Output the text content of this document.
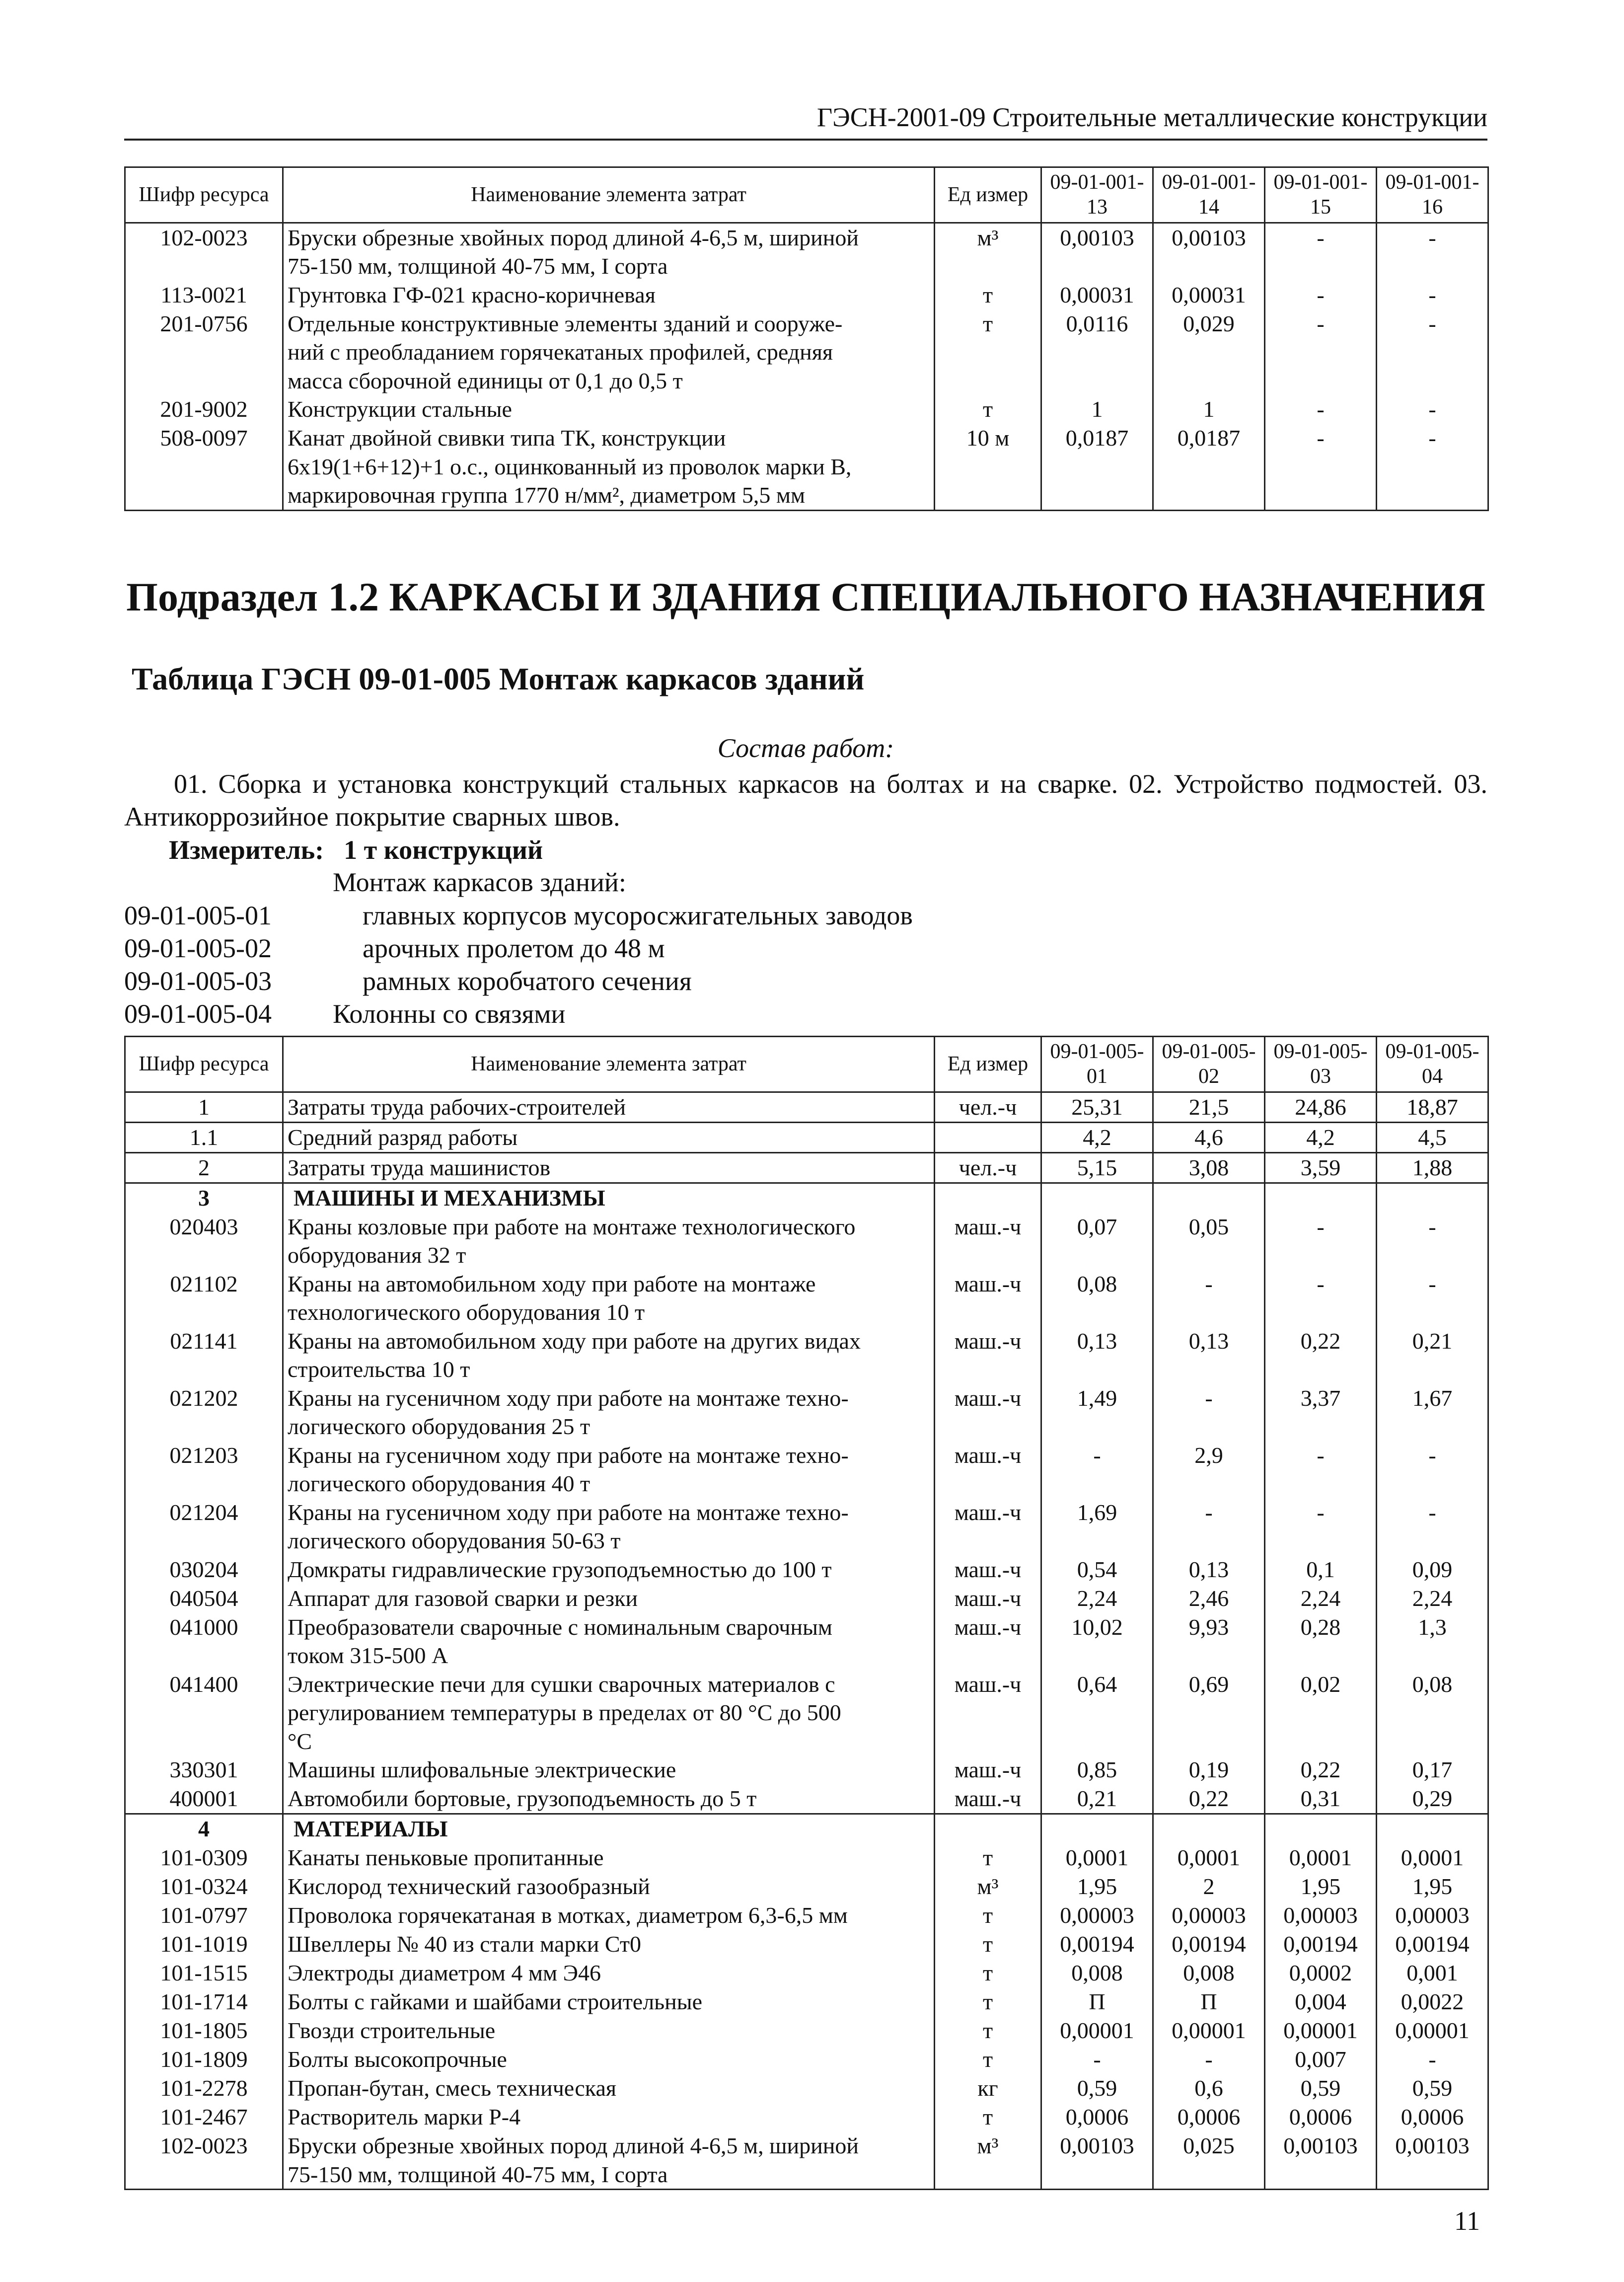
ГЭСН-2001-09 Строительные металлические конструкции
Шифр ресурса	Наименование элемента затрат	Ед измер	09-01-001-13	09-01-001-14	09-01-001-15	09-01-001-16
102-0023	Бруски обрезные хвойных пород длиной 4-6,5 м, шириной
75-150 мм, толщиной 40-75 мм, I сорта	м³	0,00103	0,00103	-	-
113-0021	Грунтовка ГФ-021 красно-коричневая	т	0,00031	0,00031	-	-
201-0756	Отдельные конструктивные элементы зданий и сооруже-
ний с преобладанием горячекатаных профилей, средняя
масса сборочной единицы от 0,1 до 0,5 т	т	0,0116	0,029	-	-
201-9002	Конструкции стальные	т	1	1	-	-
508-0097	Канат двойной свивки типа ТК, конструкции
6х19(1+6+12)+1 о.с., оцинкованный из проволок марки В,
маркировочная группа 1770 н/мм², диаметром 5,5 мм	10 м	0,0187	0,0187	-	-
Подраздел 1.2 КАРКАСЫ И ЗДАНИЯ СПЕЦИАЛЬНОГО НАЗНАЧЕНИЯ
Таблица ГЭСН 09-01-005 Монтаж каркасов зданий
Состав работ:
01. Сборка и установка конструкций стальных каркасов на болтах и на сварке. 02. Устройство подмостей. 03. Антикоррозийное покрытие сварных швов.
Измеритель: 1 т конструкций
Монтаж каркасов зданий:
09-01-005-01	главных корпусов мусоросжигательных заводов
09-01-005-02	арочных пролетом до 48 м
09-01-005-03	рамных коробчатого сечения
09-01-005-04 Колонны со связями
Шифр ресурса	Наименование элемента затрат	Ед измер	09-01-005-01	09-01-005-02	09-01-005-03	09-01-005-04
1	Затраты труда рабочих-строителей	чел.-ч	25,31	21,5	24,86	18,87
1.1	Средний разряд работы		4,2	4,6	4,2	4,5
2	Затраты труда машинистов	чел.-ч	5,15	3,08	3,59	1,88
3	МАШИНЫ И МЕХАНИЗМЫ					

020403	Краны козловые при работе на монтаже технологического
оборудования 32 т	маш.-ч	0,07	0,05	-	-
021102	Краны на автомобильном ходу при работе на монтаже
технологического оборудования 10 т	маш.-ч	0,08	-	-	-
021141	Краны на автомобильном ходу при работе на других видах
строительства 10 т	маш.-ч	0,13	0,13	0,22	0,21
021202	Краны на гусеничном ходу при работе на монтаже техно-
логического оборудования 25 т	маш.-ч	1,49	-	3,37	1,67
021203	Краны на гусеничном ходу при работе на монтаже техно-
логического оборудования 40 т	маш.-ч	-	2,9	-	-
021204	Краны на гусеничном ходу при работе на монтаже техно-
логического оборудования 50-63 т	маш.-ч	1,69	-	-	-
030204	Домкраты гидравлические грузоподъемностью до 100 т	маш.-ч	0,54	0,13	0,1	0,09
040504	Аппарат для газовой сварки и резки	маш.-ч	2,24	2,46	2,24	2,24
041000	Преобразователи сварочные с номинальным сварочным
током 315-500 А	маш.-ч	10,02	9,93	0,28	1,3
041400	Электрические печи для сушки сварочных материалов с
регулированием температуры в пределах от 80 °С до 500
°С	маш.-ч	0,64	0,69	0,02	0,08
330301	Машины шлифовальные электрические	маш.-ч	0,85	0,19	0,22	0,17
400001	Автомобили бортовые, грузоподъемность до 5 т	маш.-ч	0,21	0,22	0,31	0,29
4	МАТЕРИАЛЫ					

101-0309	Канаты пеньковые пропитанные	т	0,0001	0,0001	0,0001	0,0001
101-0324	Кислород технический газообразный	м³	1,95	2	1,95	1,95
101-0797	Проволока горячекатаная в мотках, диаметром 6,3-6,5 мм	т	0,00003	0,00003	0,00003	0,00003
101-1019	Швеллеры № 40 из стали марки Ст0	т	0,00194	0,00194	0,00194	0,00194
101-1515	Электроды диаметром 4 мм Э46	т	0,008	0,008	0,0002	0,001
101-1714	Болты с гайками и шайбами строительные	т	П	П	0,004	0,0022
101-1805	Гвозди строительные	т	0,00001	0,00001	0,00001	0,00001
101-1809	Болты высокопрочные	т	-	-	0,007	-
101-2278	Пропан-бутан, смесь техническая	кг	0,59	0,6	0,59	0,59
101-2467	Растворитель марки Р-4	т	0,0006	0,0006	0,0006	0,0006
102-0023	Бруски обрезные хвойных пород длиной 4-6,5 м, шириной
75-150 мм, толщиной 40-75 мм, I сорта	м³	0,00103	0,025	0,00103	0,00103
11
